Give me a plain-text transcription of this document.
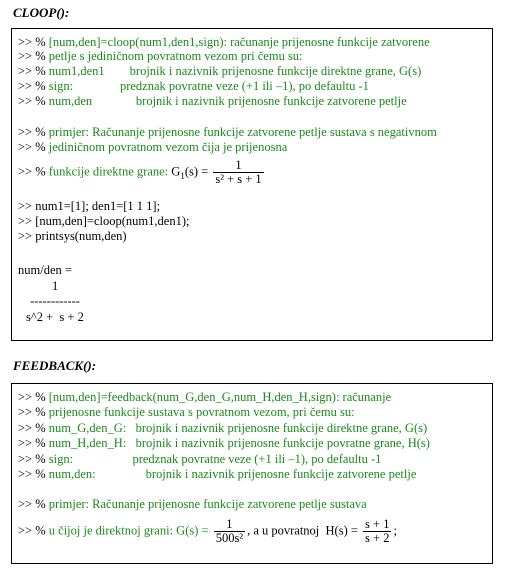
CLOOP():
>> % [num,den]=cloop(num1,den1,sign): računanje prijenosne funkcije zatvorene
>> % petlje s jediničnom povratnom vezom pri čemu su:
>> % num1,den1        brojnik i nazivnik prijenosne funkcije direktne grane, G(s)
>> % sign:               predznak povratne veze (+1 ili –1), po defaultu -1
>> % num,den              brojnik i nazivnik prijenosne funkcije zatvorene petlje
>> % primjer: Računanje prijenosne funkcije zatvorene petlje sustava s negativnom
>> % jediničnom povratnom vezom čija je prijenosna
>> % funkcije direktne grane: $G_1(s) = \frac{1}{\text{s² + s + 1}}$
>> num1=[1]; den1=[1 1 1];
>> [num,den]=cloop(num1,den1);
>> printsys(num,den)
num/den =
1
------------
s^2 +  s + 2
FEEDBACK():
>> % [num,den]=feedback(num_G,den_G,num_H,den_H,sign): računanje
>> % prijenosne funkcije sustava s povratnom vezom, pri čemu su:
>> % num_G,den_G:   brojnik i nazivnik prijenosne funkcije direktne grane, G(s)
>> % num_H,den_H:   brojnik i nazivnik prijenosne funkcije povratne grane, H(s)
>> % sign:                   predznak povratne veze (+1 ili –1), po defaultu -1
>> % num,den:                brojnik i nazivnik prijenosne funkcije zatvorene petlje
>> % primjer: Računanje prijenosne funkcije zatvorene petlje sustava
>> % u čijoj je direktnoj grani: $G(s) = \frac{1}{\text{500s²}}$ , a u povratnoj  $H(s) = \frac{s + 1}{s + 2}$ ;
